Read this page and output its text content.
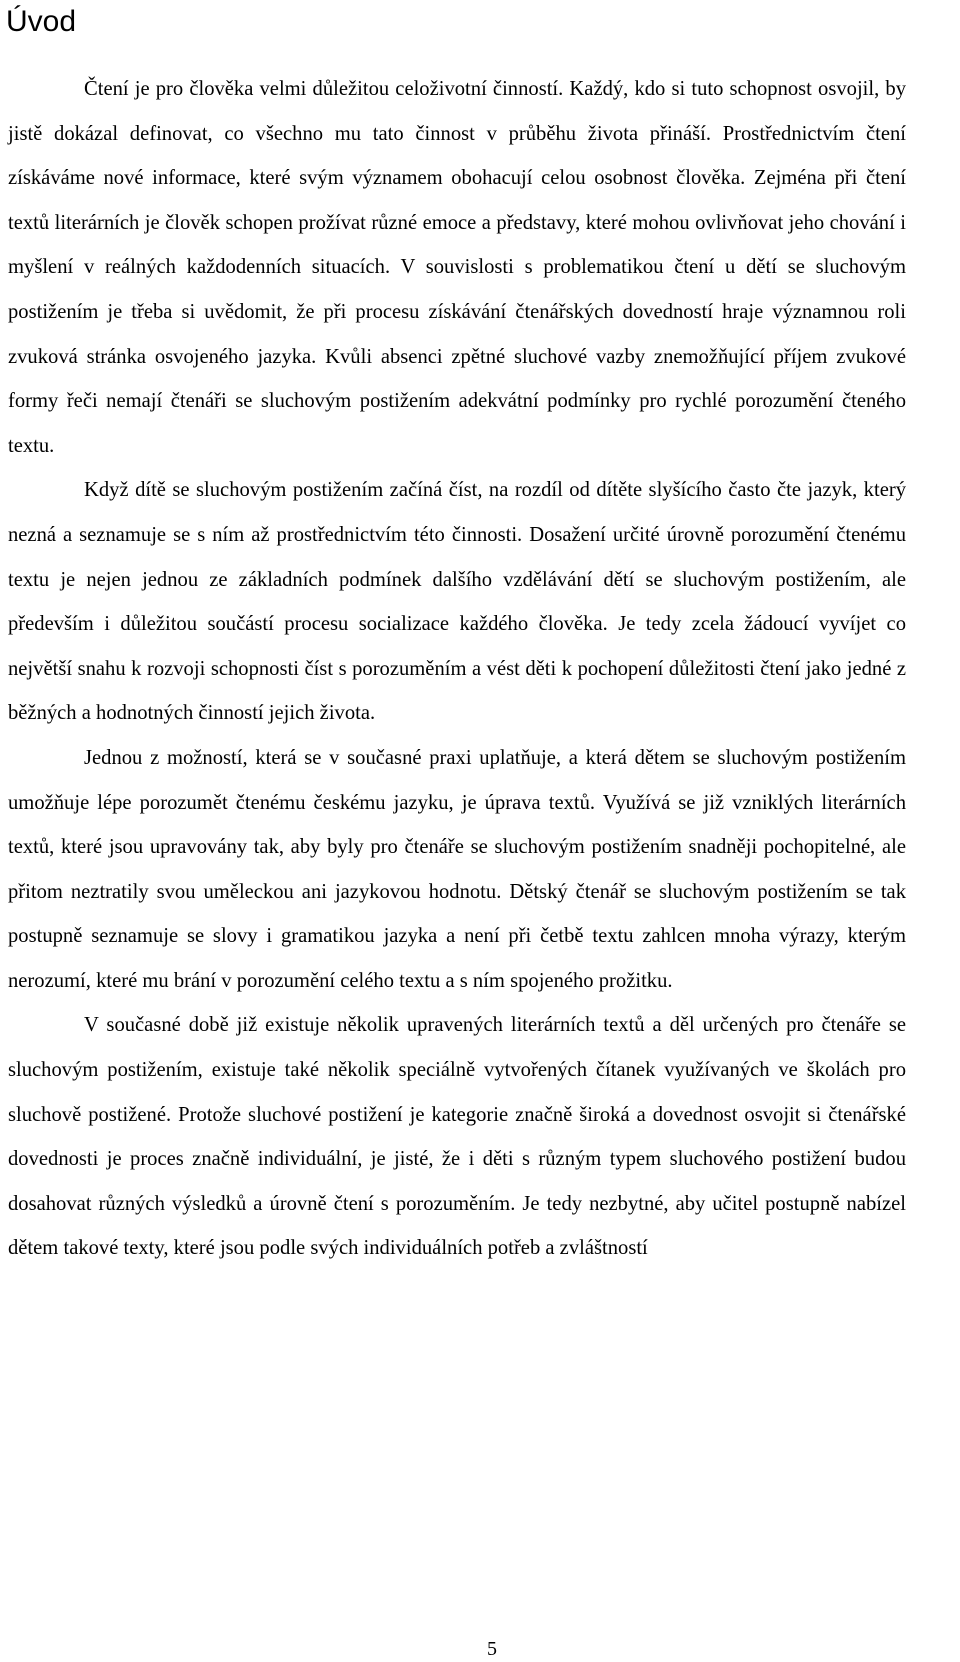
Úvod

Čtení je pro člověka velmi důležitou celoživotní činností. Každý, kdo si tuto schopnost osvojil, by jistě dokázal definovat, co všechno mu tato činnost v průběhu života přináší. Prostřednictvím čtení získáváme nové informace, které svým významem obohacují celou osobnost člověka. Zejména při čtení textů literárních je člověk schopen prožívat různé emoce a představy, které mohou ovlivňovat jeho chování i myšlení v reálných každodenních situacích. V souvislosti s problematikou čtení u dětí se sluchovým postižením je třeba si uvědomit, že při procesu získávání čtenářských dovedností hraje významnou roli zvuková stránka osvojeného jazyka. Kvůli absenci zpětné sluchové vazby znemožňující příjem zvukové formy řeči nemají čtenáři se sluchovým postižením adekvátní podmínky pro rychlé porozumění čteného textu.

Když dítě se sluchovým postižením začíná číst, na rozdíl od dítěte slyšícího často čte jazyk, který nezná a seznamuje se s ním až prostřednictvím této činnosti. Dosažení určité úrovně porozumění čtenému textu je nejen jednou ze základních podmínek dalšího vzdělávání dětí se sluchovým postižením, ale především i důležitou součástí procesu socializace každého člověka. Je tedy zcela žádoucí vyvíjet co největší snahu k rozvoji schopnosti číst s porozuměním a vést děti k pochopení důležitosti čtení jako jedné z běžných a hodnotných činností jejich života.

Jednou z možností, která se v současné praxi uplatňuje, a která dětem se sluchovým postižením umožňuje lépe porozumět čtenému českému jazyku, je úprava textů. Využívá se již vzniklých literárních textů, které jsou upravovány tak, aby byly pro čtenáře se sluchovým postižením snadněji pochopitelné, ale přitom neztratily svou uměleckou ani jazykovou hodnotu. Dětský čtenář se sluchovým postižením se tak postupně seznamuje se slovy i gramatikou jazyka a není při četbě textu zahlcen mnoha výrazy, kterým nerozumí, které mu brání v porozumění celého textu a s ním spojeného prožitku.

V současné době již existuje několik upravených literárních textů a děl určených pro čtenáře se sluchovým postižením, existuje také několik speciálně vytvořených čítanek využívaných ve školách pro sluchově postižené. Protože sluchové postižení je kategorie značně široká a dovednost osvojit si čtenářské dovednosti je proces značně individuální, je jisté, že i děti s různým typem sluchového postižení budou dosahovat různých výsledků a úrovně čtení s porozuměním. Je tedy nezbytné, aby učitel postupně nabízel dětem takové texty, které jsou podle svých individuálních potřeb a zvláštností

5
